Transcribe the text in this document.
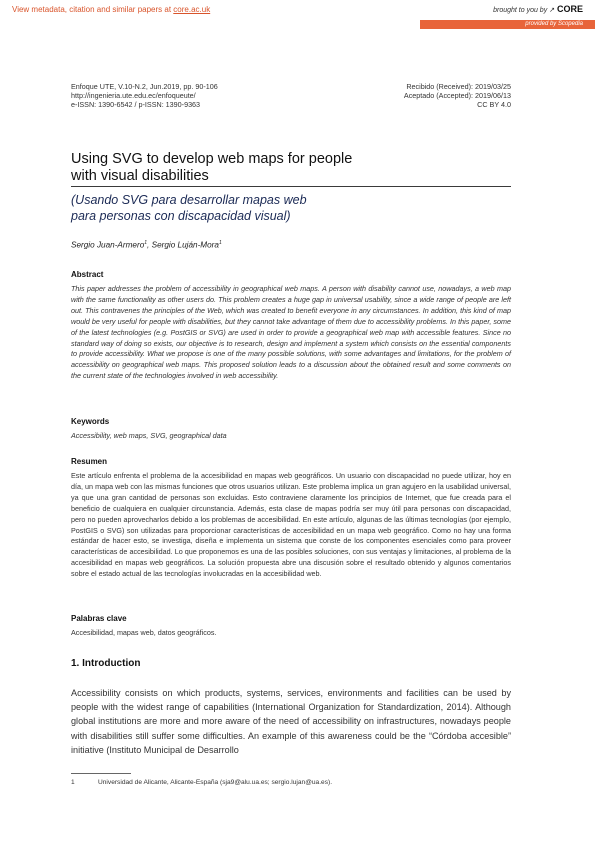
View metadata, citation and similar papers at core.ac.uk	brought to you by ↗ CORE
provided by Scopedia
Enfoque UTE, V.10-N.2, Jun.2019, pp. 90-106
http://ingenieria.ute.edu.ec/enfoqueute/
e-ISSN: 1390-6542 / p-ISSN: 1390-9363
Recibido (Received): 2019/03/25
Aceptado (Accepted): 2019/06/13
CC BY 4.0
Using SVG to develop web maps for people
with visual disabilities
(Usando SVG para desarrollar mapas web
para personas con discapacidad visual)
Sergio Juan-Armero$^1$, Sergio Luján-Mora$^1$
Abstract
This paper addresses the problem of accessibility in geographical web maps. A person with disability cannot use, nowadays, a web map with the same functionality as other users do. This problem creates a huge gap in universal usability, since a wide range of people are left out. This contravenes the principles of the Web, which was created to benefit everyone in any circumstances. In addition, this kind of map would be very useful for people with disabilities, but they cannot take advantage of them due to accessibility problems. In this paper, some of the latest technologies (e.g. PostGIS or SVG) are used in order to provide a geographical web map with accessible features. Since no standard way of doing so exists, our objective is to research, design and implement a system which consists on the essential components to provide accessibility. What we propose is one of the many possible solutions, with some advantages and limitations, for the problem of accessibility on geographical web maps. This proposed solution leads to a discussion about the obtained result and some comments on the current state of the technologies involved in web accessibility.
Keywords
Accessibility, web maps, SVG, geographical data
Resumen
Este artículo enfrenta el problema de la accesibilidad en mapas web geográficos. Un usuario con discapacidad no puede utilizar, hoy en día, un mapa web con las mismas funciones que otros usuarios utilizan. Este problema implica un gran agujero en la usabilidad universal, ya que una gran cantidad de personas son excluidas. Esto contraviene claramente los principios de Internet, que fue creada para el beneficio de cualquiera en cualquier circunstancia. Además, esta clase de mapas podría ser muy útil para personas con discapacidad, pero no pueden aprovecharlos debido a los problemas de accesibilidad. En este artículo, algunas de las últimas tecnologías (por ejemplo, PostGIS o SVG) son utilizadas para proporcionar características de accesibilidad en un mapa web geográfico. Como no hay una forma estándar de hacer esto, se investiga, diseña e implementa un sistema que conste de los componentes esenciales como para proveer características de accesibilidad. Lo que proponemos es una de las posibles soluciones, con sus ventajas y limitaciones, al problema de la accesibilidad en mapas web geográficos. La solución propuesta abre una discusión sobre el resultado obtenido y algunos comentarios sobre el estado actual de las tecnologías involucradas en la accesibilidad web.
Palabras clave
Accesibilidad, mapas web, datos geográficos.
1. Introduction
Accessibility consists on which products, systems, services, environments and facilities can be used by people with the widest range of capabilities (International Organization for Standardization, 2014). Although global institutions are more and more aware of the need of accessibility on infrastructures, nowadays people with disabilities still suffer some difficulties. An example of this awareness could be the “Córdoba accesible” initiative (Instituto Municipal de Desarrollo
1	Universidad de Alicante, Alicante-España (sja9@alu.ua.es; sergio.lujan@ua.es).
